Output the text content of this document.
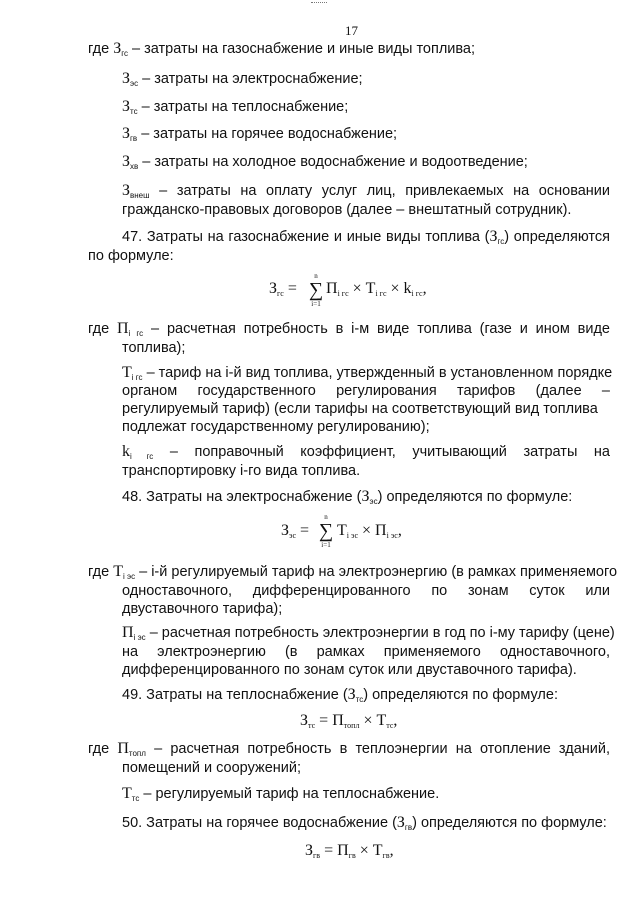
17
где $З_{гс}$ – затраты на газоснабжение и иные виды топлива;
$З_{эс}$ – затраты на электроснабжение;
$З_{тс}$ – затраты на теплоснабжение;
$З_{гв}$ – затраты на горячее водоснабжение;
$З_{хв}$ – затраты на холодное водоснабжение и водоотведение;
$З_{внеш}$ – затраты на оплату услуг лиц, привлекаемых на основании
гражданско-правовых договоров (далее – внештатный сотрудник).
47. Затраты на газоснабжение и иные виды топлива $(З_{гс})$ определяются
по формуле:
$З_{гс}$ =
n
∑
i=1
$П_{i гс} \times Т_{i гс} \times k_{i гс}$,
где $П_{i гс}$ – расчетная потребность в i-м виде топлива (газе и ином виде
топлива);
$Т_{i гс}$ – тариф на i-й вид топлива, утвержденный в установленном порядке
органом государственного регулирования тарифов (далее –
регулируемый тариф) (если тарифы на соответствующий вид топлива
подлежат государственному регулированию);
$k_{i гс}$ – поправочный коэффициент, учитывающий затраты на
транспортировку i-го вида топлива.
48. Затраты на электроснабжение $(З_{эс})$ определяются по формуле:
$З_{эс}$ =
n
∑
i=1
$Т_{i эс} \times П_{i эс}$,
где $Т_{i эс} - i-й$ регулируемый тариф на электроэнергию (в рамках применяемого
одноставочного, дифференцированного по зонам суток или
двуставочного тарифа);
$П_{i эс}$ – расчетная потребность электроэнергии в год по i-му тарифу (цене)
на электроэнергию (в рамках применяемого одноставочного,
дифференцированного по зонам суток или двуставочного тарифа).
49. Затраты на теплоснабжение $(З_{тс})$ определяются по формуле:
$З_{тс} = П_{топл} \times Т_{тс}$,
где $П_{топл}$ – расчетная потребность в теплоэнергии на отопление зданий,
помещений и сооружений;
$Т_{тс}$ – регулируемый тариф на теплоснабжение.
50. Затраты на горячее водоснабжение $(З_{гв})$ определяются по формуле:
$З_{гв} = П_{гв} \times Т_{гв}$,
